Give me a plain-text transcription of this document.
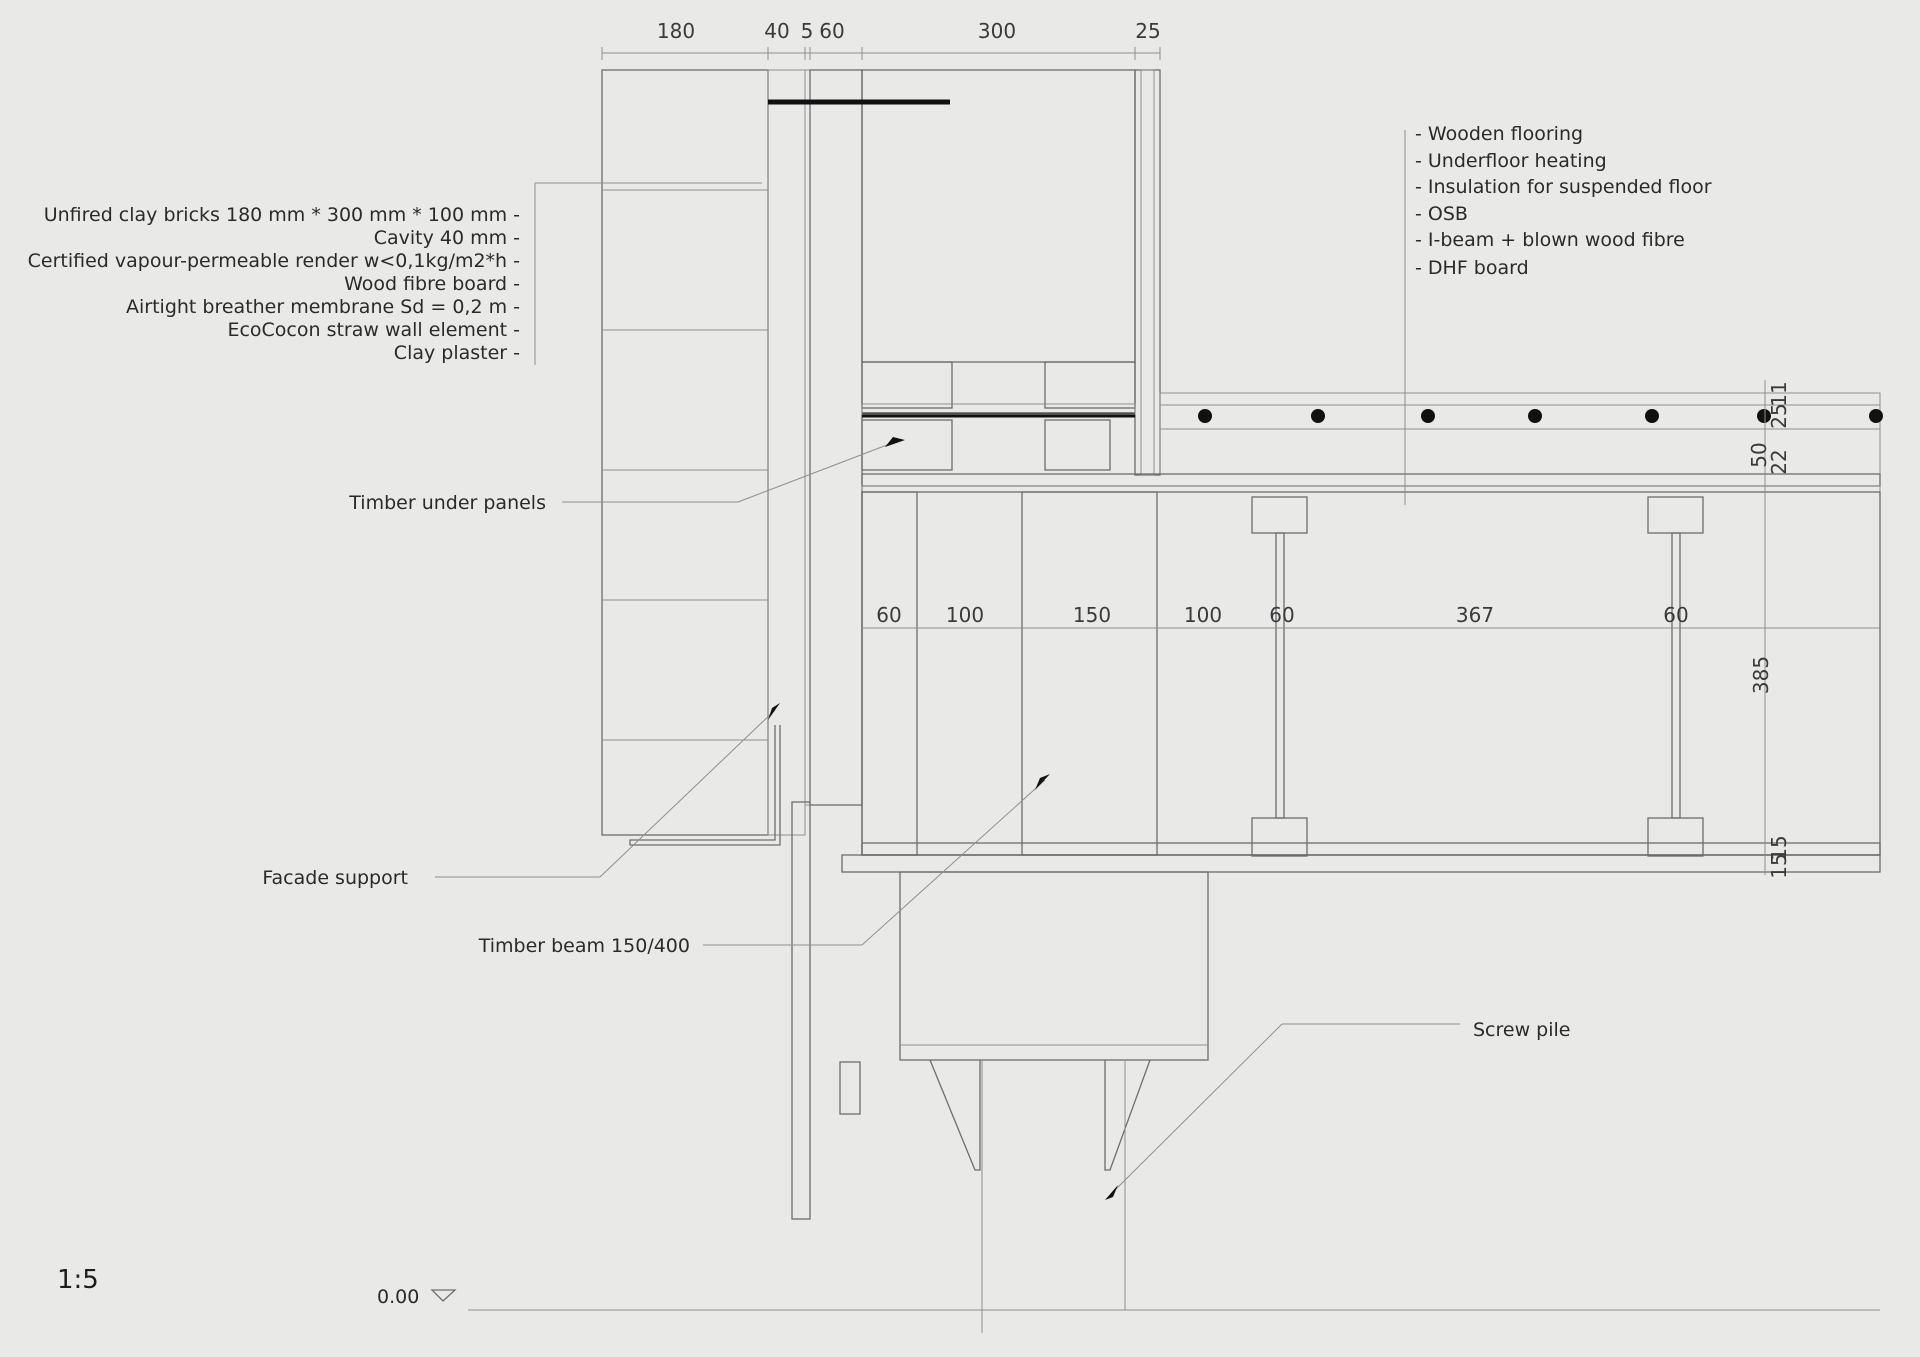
180	40 5 60	300	25
60 100	150	100 60	367	60
11
25
50
22
385
15
15
Unfired clay bricks 180 mm * 300 mm * 100 mm -
Cavity 40 mm -
Certified vapour-permeable render w<0,1kg/m2*h -
Wood fibre board -
Airtight breather membrane Sd = 0,2 m -
EcoCocon straw wall element -
Clay plaster -
- Wooden flooring
- Underfloor heating
- Insulation for suspended floor
- OSB
- I-beam + blown wood fibre
- DHF board
Timber under panels
Facade support
Timber beam 150/400
Screw pile
1:5
0.00
